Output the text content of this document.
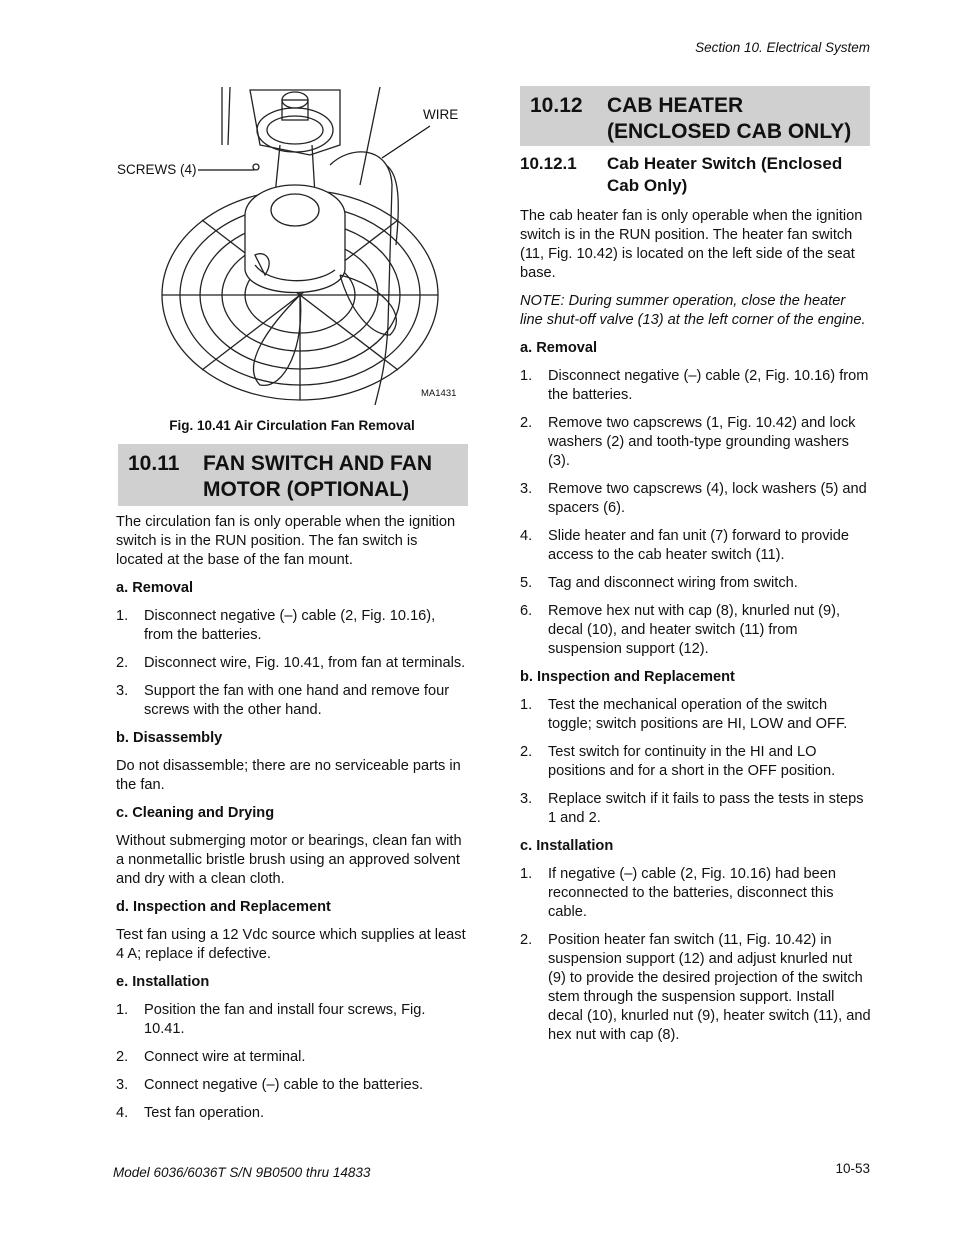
Section 10. Electrical System
WIRE
SCREWS (4)
MA1431
Fig. 10.41 Air Circulation Fan Removal
10.11	FAN SWITCH AND FAN MOTOR (OPTIONAL)

The circulation fan is only operable when the ignition switch is in the RUN position. The fan switch is located at the base of the fan mount.

a. Removal
1. Disconnect negative (–) cable (2, Fig. 10.16), from the batteries.
2. Disconnect wire, Fig. 10.41, from fan at terminals.
3. Support the fan with one hand and remove four screws with the other hand.
b. Disassembly

Do not disassemble; there are no serviceable parts in the fan.

c. Cleaning and Drying

Without submerging motor or bearings, clean fan with a nonmetallic bristle brush using an approved solvent and dry with a clean cloth.

d. Inspection and Replacement

Test fan using a 12 Vdc source which supplies at least 4 A; replace if defective.

e. Installation
1. Position the fan and install four screws, Fig. 10.41.
2. Connect wire at terminal.
3. Connect negative (–) cable to the batteries.
4. Test fan operation.
10.12	CAB HEATER (ENCLOSED CAB ONLY)
10.12.1 Cab Heater Switch (Enclosed Cab Only)

The cab heater fan is only operable when the ignition switch is in the RUN position. The heater fan switch (11, Fig. 10.42) is located on the left side of the seat base.

NOTE: During summer operation, close the heater line shut-off valve (13) at the left corner of the engine.

a. Removal
1. Disconnect negative (–) cable (2, Fig. 10.16) from the batteries.
2. Remove two capscrews (1, Fig. 10.42) and lock washers (2) and tooth-type grounding washers (3).
3. Remove two capscrews (4), lock washers (5) and spacers (6).
4. Slide heater and fan unit (7) forward to provide access to the cab heater switch (11).
5. Tag and disconnect wiring from switch.
6. Remove hex nut with cap (8), knurled nut (9), decal (10), and heater switch (11) from suspension support (12).
b. Inspection and Replacement
1. Test the mechanical operation of the switch toggle; switch positions are HI, LOW and OFF.
2. Test switch for continuity in the HI and LO positions and for a short in the OFF position.
3. Replace switch if it fails to pass the tests in steps 1 and 2.
c. Installation
1. If negative (–) cable (2, Fig. 10.16) had been reconnected to the batteries, disconnect this cable.
2. Position heater fan switch (11, Fig. 10.42) in suspension support (12) and adjust knurled nut (9) to provide the desired projection of the switch stem through the suspension support. Install decal (10), knurled nut (9), heater switch (11), and hex nut with cap (8).
Model 6036/6036T S/N 9B0500 thru 14833	10-53
